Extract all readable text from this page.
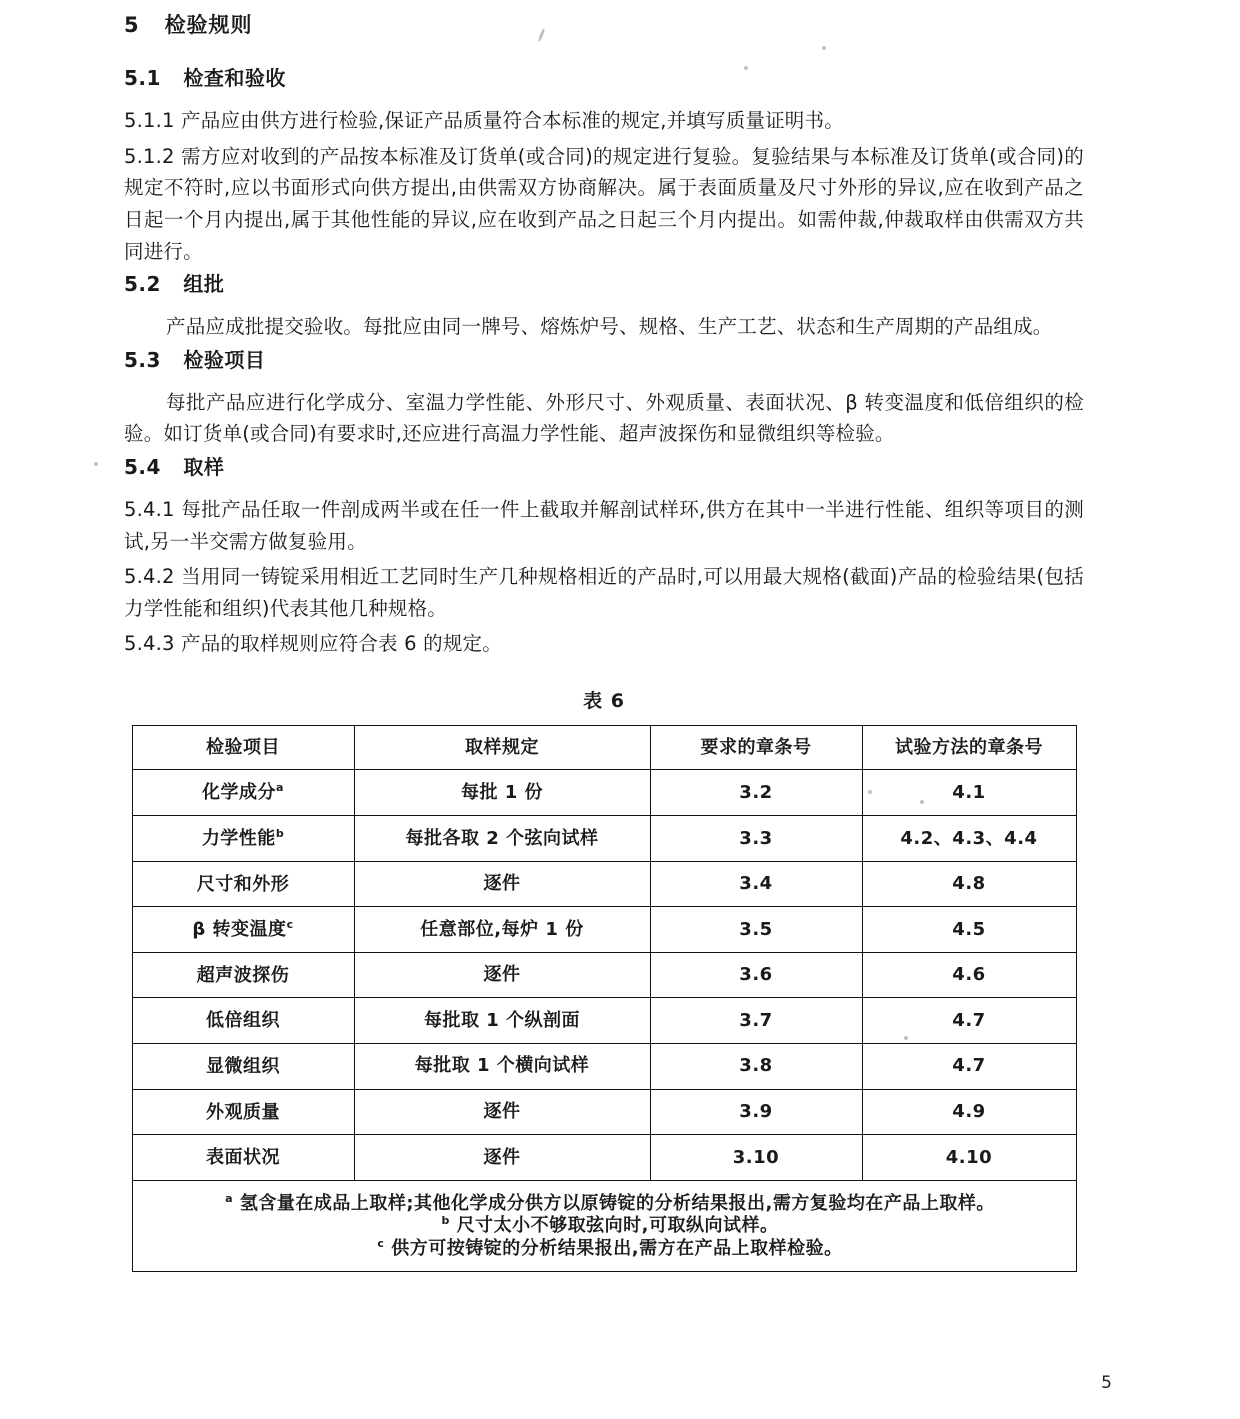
5 检验规则
5.1 检查和验收

5.1.1 产品应由供方进行检验,保证产品质量符合本标准的规定,并填写质量证明书。

5.1.2 需方应对收到的产品按本标准及订货单(或合同)的规定进行复验。复验结果与本标准及订货单(或合同)的规定不符时,应以书面形式向供方提出,由供需双方协商解决。属于表面质量及尺寸外形的异议,应在收到产品之日起一个月内提出,属于其他性能的异议,应在收到产品之日起三个月内提出。如需仲裁,仲裁取样由供需双方共同进行。

5.2 组批

产品应成批提交验收。每批应由同一牌号、熔炼炉号、规格、生产工艺、状态和生产周期的产品组成。

5.3 检验项目

每批产品应进行化学成分、室温力学性能、外形尺寸、外观质量、表面状况、β 转变温度和低倍组织的检验。如订货单(或合同)有要求时,还应进行高温力学性能、超声波探伤和显微组织等检验。

5.4 取样

5.4.1 每批产品任取一件剖成两半或在任一件上截取并解剖试样环,供方在其中一半进行性能、组织等项目的测试,另一半交需方做复验用。

5.4.2 当用同一铸锭采用相近工艺同时生产几种规格相近的产品时,可以用最大规格(截面)产品的检验结果(包括力学性能和组织)代表其他几种规格。

5.4.3 产品的取样规则应符合表 6 的规定。

表 6
检验项目	取样规定	要求的章条号	试验方法的章条号
化学成分$^a$	每批 1 份	3.2	4.1
力学性能$^b$	每批各取 2 个弦向试样	3.3	4.2、4.3、4.4
尺寸和外形	逐件	3.4	4.8
β 转变温度$^c$	任意部位,每炉 1 份	3.5	4.5
超声波探伤	逐件	3.6	4.6
低倍组织	每批取 1 个纵剖面	3.7	4.7
显微组织	每批取 1 个横向试样	3.8	4.7
外观质量	逐件	3.9	4.9
表面状况	逐件	3.10	4.10

$^a$ 氢含量在成品上取样;其他化学成分供方以原铸锭的分析结果报出,需方复验均在产品上取样。
$^b$ 尺寸太小不够取弦向时,可取纵向试样。
$^c$ 供方可按铸锭的分析结果报出,需方在产品上取样检验。			
5
